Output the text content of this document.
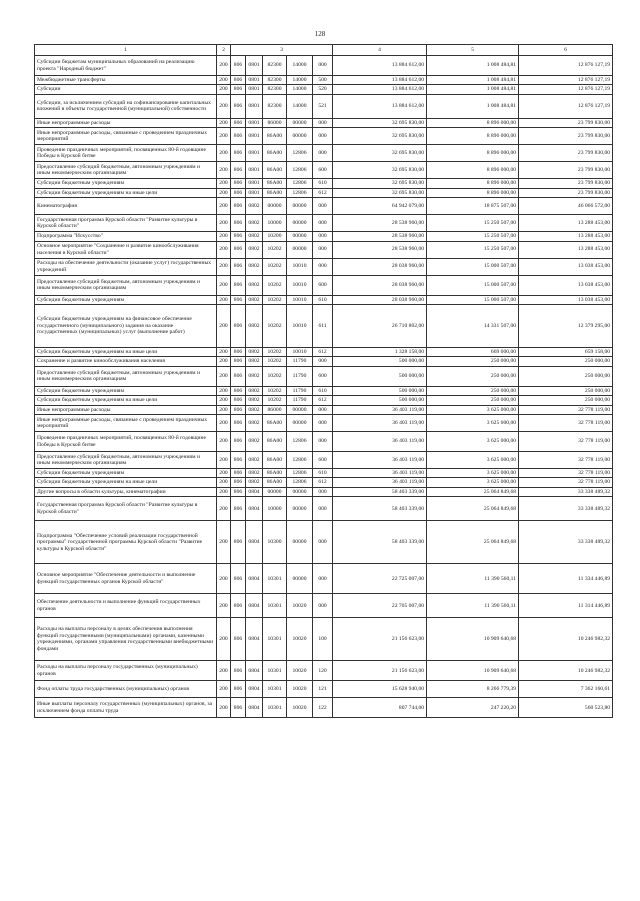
128
1	2	3					4	5	6
Субсидии бюджетам муниципальных образований на реализацию проекта "Народный бюджет"	200	806	0801	82300	14000	000	13 884 612,00	1 008 484,81	12 876 127,19
Межбюджетные трансферты	200	806	0801	82300	14000	500	13 884 612,00	1 008 484,81	12 876 127,19
Субсидии	200	806	0801	82300	14000	520	13 884 612,00	1 008 484,81	12 876 127,19
Субсидии, за исключением субсидий на софинансирование капитальных вложений в объекты государственной (муниципальной) собственности	200	806	0801	82300	14000	521	13 884 612,00	1 008 484,81	12 876 127,19
Иные непрограммные расходы	200	806	0801	86000	00000	000	32 695 830,00	8 896 000,00	23 799 830,00
Иные непрограммные расходы, связанные с проведением праздничных мероприятий	200	806	0801	86А00	00000	000	32 695 830,00	8 896 000,00	23 799 830,00
Проведение праздничных мероприятий, посвященных 80-й годовщине Победы в Курской битве	200	806	0801	86А00	12806	000	32 695 830,00	8 896 000,00	23 799 830,00
Предоставление субсидий бюджетным, автономным учреждениям и иным некоммерческим организациям	200	806	0801	86А00	12806	600	32 695 830,00	8 896 000,00	23 799 830,00
Субсидии бюджетным учреждениям	200	806	0801	86А00	12806	610	32 695 830,00	8 896 000,00	23 799 830,00
Субсидии бюджетным учреждениям на иные цели	200	806	0801	86А00	12806	612	32 695 830,00	8 896 000,00	23 799 830,00
Кинематография	200	806	0802	00000	00000	000	64 942 079,00	18 875 507,00	46 066 572,00
Государственная программа Курской области "Развитие культуры в Курской области"	200	806	0802	10000	00000	000	28 538 960,00	15 250 507,00	13 288 453,00
Подпрограмма "Искусство"	200	806	0802	10200	00000	000	28 538 960,00	15 250 507,00	13 288 453,00
Основное мероприятие "Сохранение и развитие кинообслуживания населения в Курской области"	200	806	0802	10202	00000	000	28 538 960,00	15 250 507,00	13 288 453,00
Расходы на обеспечение деятельности (оказание услуг) государственных учреждений	200	806	0802	10202	10010	000	28 038 960,00	15 000 507,00	13 038 453,00
Предоставление субсидий бюджетным, автономным учреждениям и иным некоммерческим организациям	200	806	0802	10202	10010	600	28 038 960,00	15 000 507,00	13 038 453,00
Субсидии бюджетным учреждениям	200	806	0802	10202	10010	610	28 038 960,00	15 000 507,00	13 038 453,00
Субсидии бюджетным учреждениям на финансовое обеспечение государственного (муниципального) задания на оказание государственных (муниципальных) услуг (выполнение работ)	200	806	0802	10202	10010	611	26 710 802,00	14 331 507,00	12 379 295,00
Субсидии бюджетным учреждениям на иные цели	200	806	0802	10202	10010	612	1 328 158,00	669 000,00	659 158,00
Сохранение и развитие кинообслуживания населения	200	806	0802	10202	11790	000	500 000,00	250 000,00	250 000,00
Предоставление субсидий бюджетным, автономным учреждениям и иным некоммерческим организациям	200	806	0802	10202	11790	600	500 000,00	250 000,00	250 000,00
Субсидии бюджетным учреждениям	200	806	0802	10202	11790	610	500 000,00	250 000,00	250 000,00
Субсидии бюджетным учреждениям на иные цели	200	806	0802	10202	11790	612	500 000,00	250 000,00	250 000,00
Иные непрограммные расходы	200	806	0802	86000	00000	000	36 403 119,00	3 625 000,00	32 778 119,00
Иные непрограммные расходы, связанные с проведением праздничных мероприятий	200	806	0802	86А00	00000	000	36 403 119,00	3 625 000,00	32 778 119,00
Проведение праздничных мероприятий, посвященных 80-й годовщине Победы в Курской битве	200	806	0802	86А00	12806	000	36 403 119,00	3 625 000,00	32 778 119,00
Предоставление субсидий бюджетным, автономным учреждениям и иным некоммерческим организациям	200	806	0802	86А00	12806	600	36 403 119,00	3 625 000,00	32 778 119,00
Субсидии бюджетным учреждениям	200	806	0802	86А00	12806	610	36 403 119,00	3 625 000,00	32 778 119,00
Субсидии бюджетным учреждениям на иные цели	200	806	0802	86А00	12806	612	36 403 119,00	3 625 000,00	32 778 119,00
Другие вопросы в области культуры, кинематографии	200	806	0804	00000	00000	000	58 403 339,00	25 064 849,68	33 338 489,32
Государственная программа Курской области "Развитие культуры в Курской области"	200	806	0804	10000	00000	000	58 403 339,00	25 064 849,68	33 338 489,32
Подпрограмма "Обеспечение условий реализации государственной программы" государственной программы Курской области "Развитие культуры в Курской области"	200	806	0804	10300	00000	000	58 403 339,00	25 064 849,68	33 338 489,32
Основное мероприятие "Обеспечение деятельности и выполнение функций государственных органов Курской области"	200	806	0804	10301	00000	000	22 725 007,00	11 390 560,11	11 334 446,89
Обеспечение деятельности и выполнение функций государственных органов	200	806	0804	10301	10020	000	22 705 007,00	11 390 560,11	11 314 446,89
Расходы на выплаты персоналу в целях обеспечения выполнения функций государственными (муниципальными) органами, казенными учреждениями, органами управления государственными внебюджетными фондами	200	806	0804	10301	10020	100	21 156 623,00	10 909 640,68	10 246 982,32
Расходы на выплаты персоналу государственных (муниципальных) органов	200	806	0804	10301	10020	120	21 156 623,00	10 909 640,68	10 246 982,32
Фонд оплаты труда государственных (муниципальных) органов	200	806	0804	10301	10020	121	15 628 940,00	8 266 779,39	7 362 160,61
Иные выплаты персоналу государственных (муниципальных) органов, за исключением фонда оплаты труда	200	806	0804	10301	10020	122	807 744,00	247 220,20	560 523,80
